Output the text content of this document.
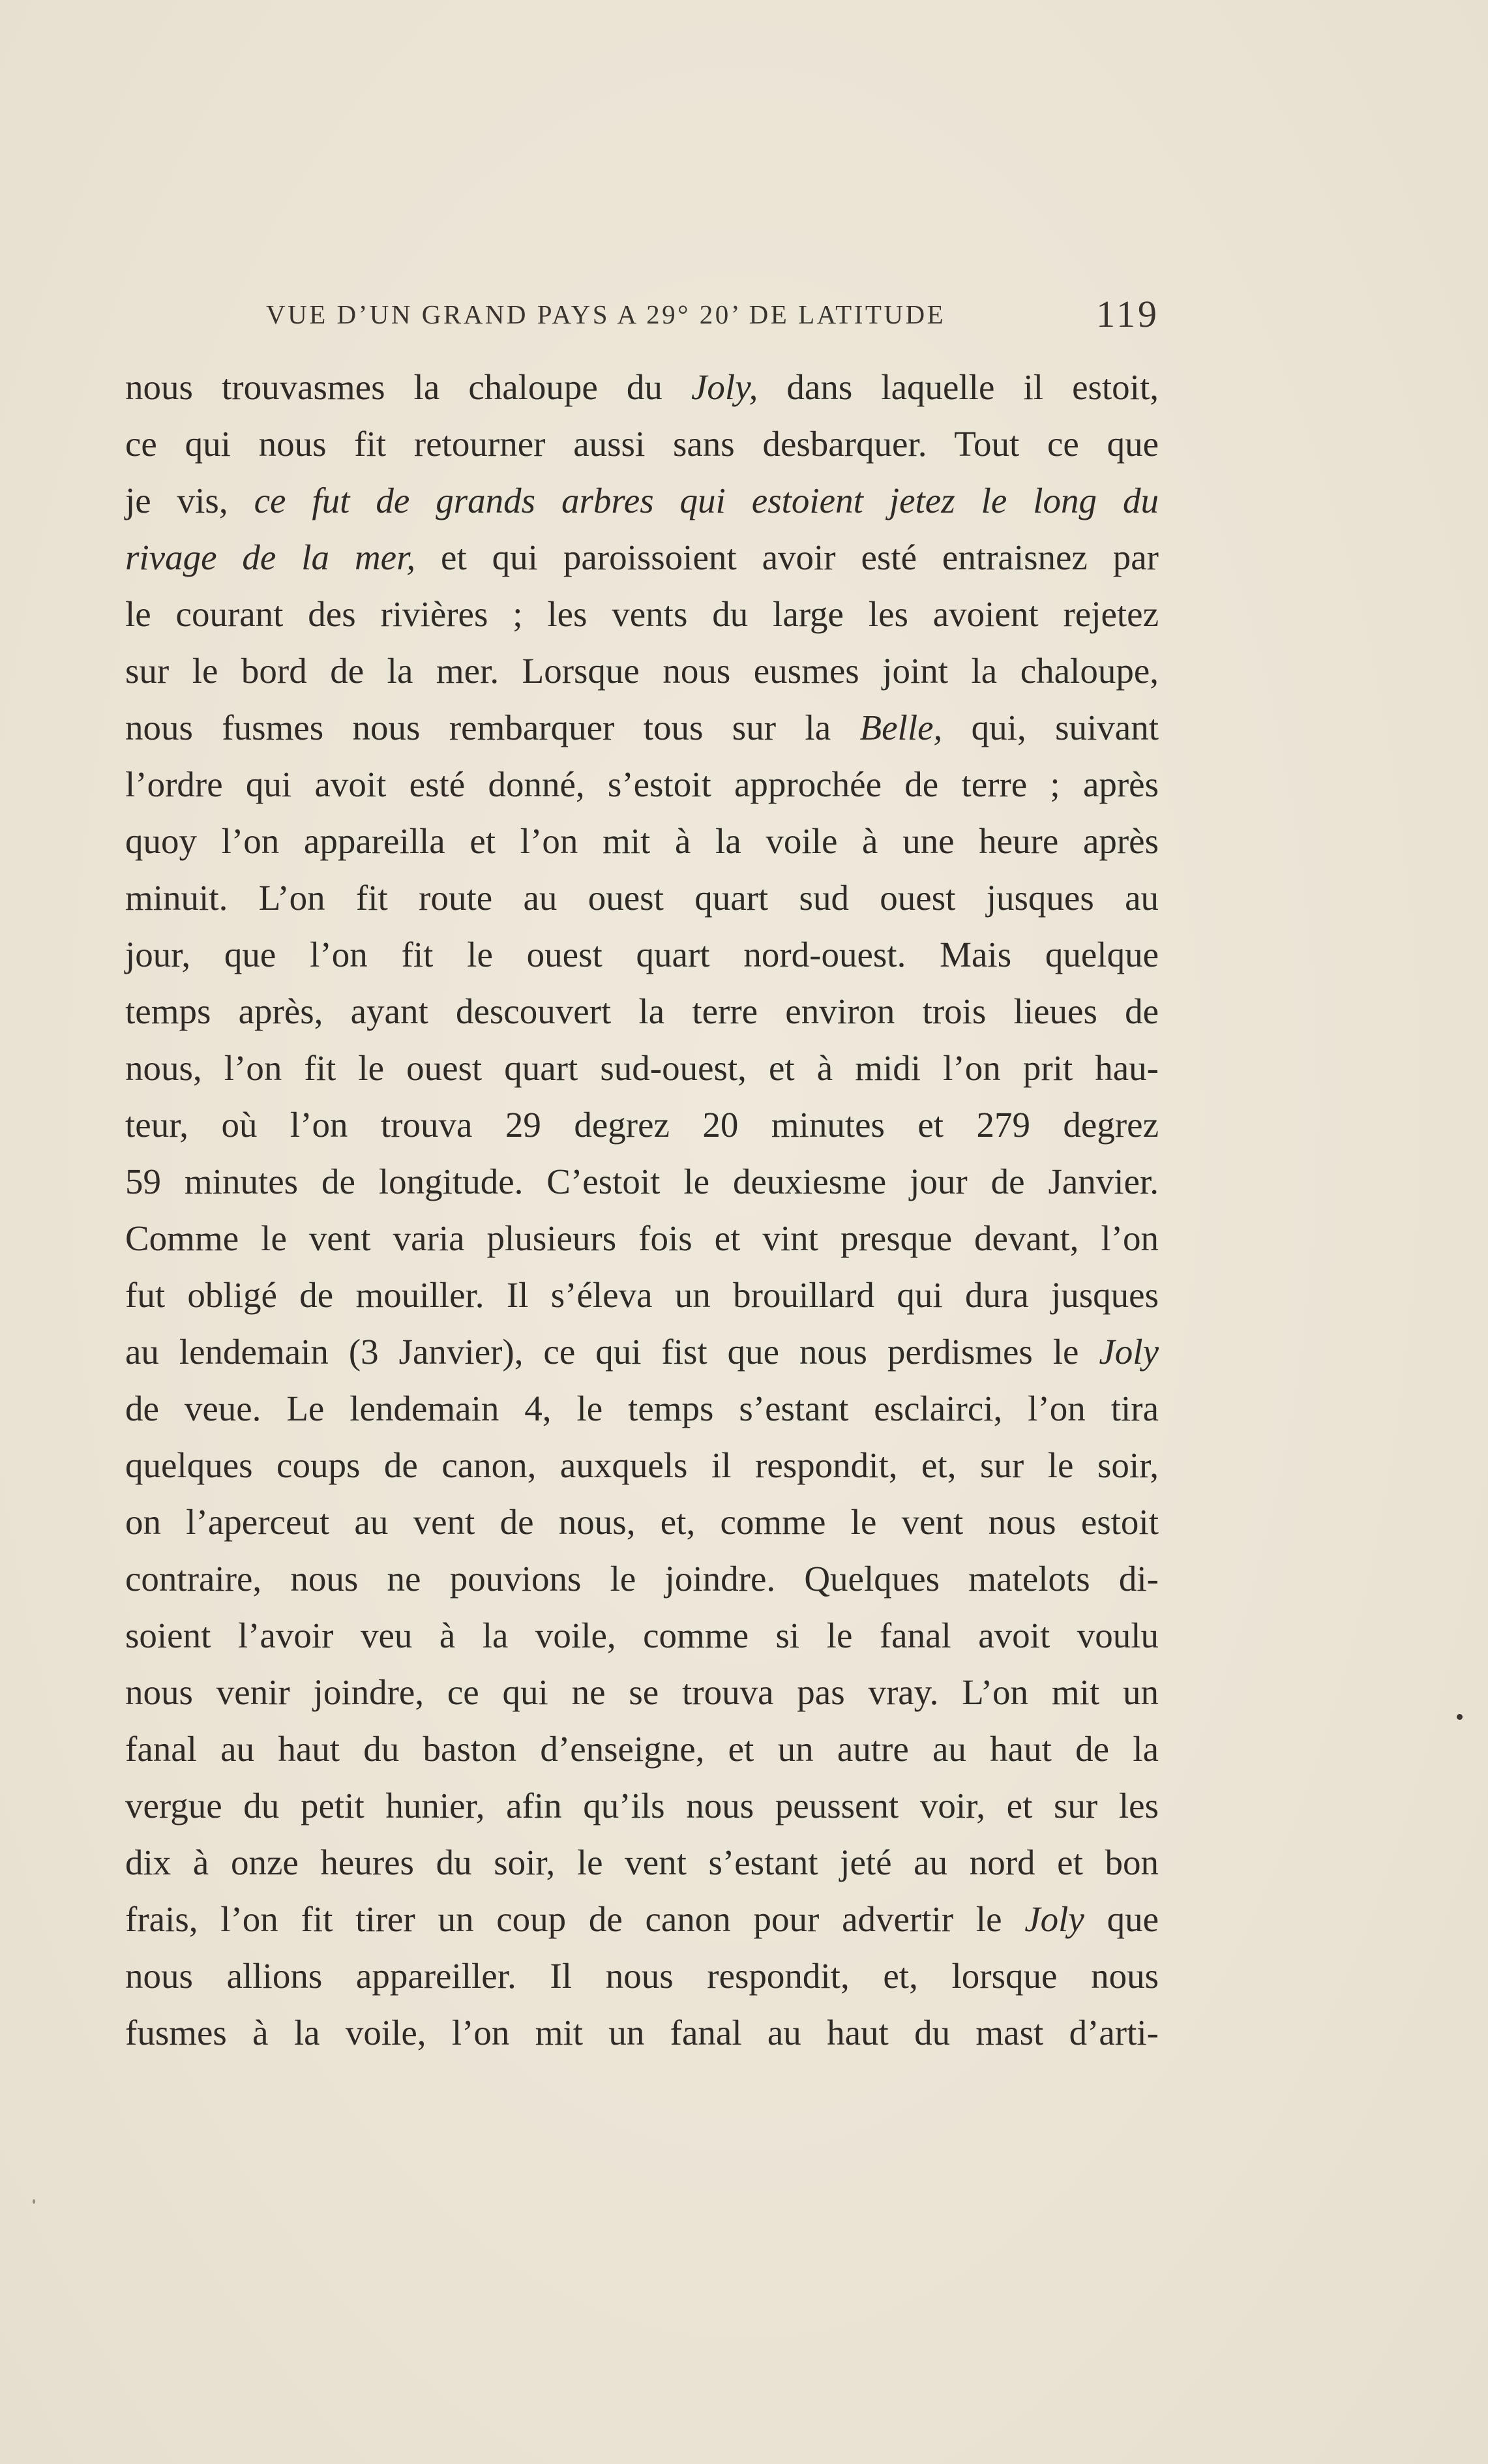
VUE D’UN GRAND PAYS A 29° 20’ DE LATITUDE	119
nous trouvasmes la chaloupe du Joly, dans laquelle il estoit,
ce qui nous fit retourner aussi sans desbarquer. Tout ce que
je vis, ce fut de grands arbres qui estoient jetez le long du
rivage de la mer, et qui paroissoient avoir esté entraisnez par
le courant des rivières ; les vents du large les avoient rejetez
sur le bord de la mer. Lorsque nous eusmes joint la chaloupe,
nous fusmes nous rembarquer tous sur la Belle, qui, suivant
l’ordre qui avoit esté donné, s’estoit approchée de terre ; après
quoy l’on appareilla et l’on mit à la voile à une heure après
minuit. L’on fit route au ouest quart sud ouest jusques au
jour, que l’on fit le ouest quart nord-ouest. Mais quelque
temps après, ayant descouvert la terre environ trois lieues de
nous, l’on fit le ouest quart sud-ouest, et à midi l’on prit hau-
teur, où l’on trouva 29 degrez 20 minutes et 279 degrez
59 minutes de longitude. C’estoit le deuxiesme jour de Janvier.
Comme le vent varia plusieurs fois et vint presque devant, l’on
fut obligé de mouiller. Il s’éleva un brouillard qui dura jusques
au lendemain (3 Janvier), ce qui fist que nous perdismes le Joly
de veue. Le lendemain 4, le temps s’estant esclairci, l’on tira
quelques coups de canon, auxquels il respondit, et, sur le soir,
on l’aperceut au vent de nous, et, comme le vent nous estoit
contraire, nous ne pouvions le joindre. Quelques matelots di-
soient l’avoir veu à la voile, comme si le fanal avoit voulu
nous venir joindre, ce qui ne se trouva pas vray. L’on mit un
fanal au haut du baston d’enseigne, et un autre au haut de la
vergue du petit hunier, afin qu’ils nous peussent voir, et sur les
dix à onze heures du soir, le vent s’estant jeté au nord et bon
frais, l’on fit tirer un coup de canon pour advertir le Joly que
nous allions appareiller. Il nous respondit, et, lorsque nous
fusmes à la voile, l’on mit un fanal au haut du mast d’arti-
